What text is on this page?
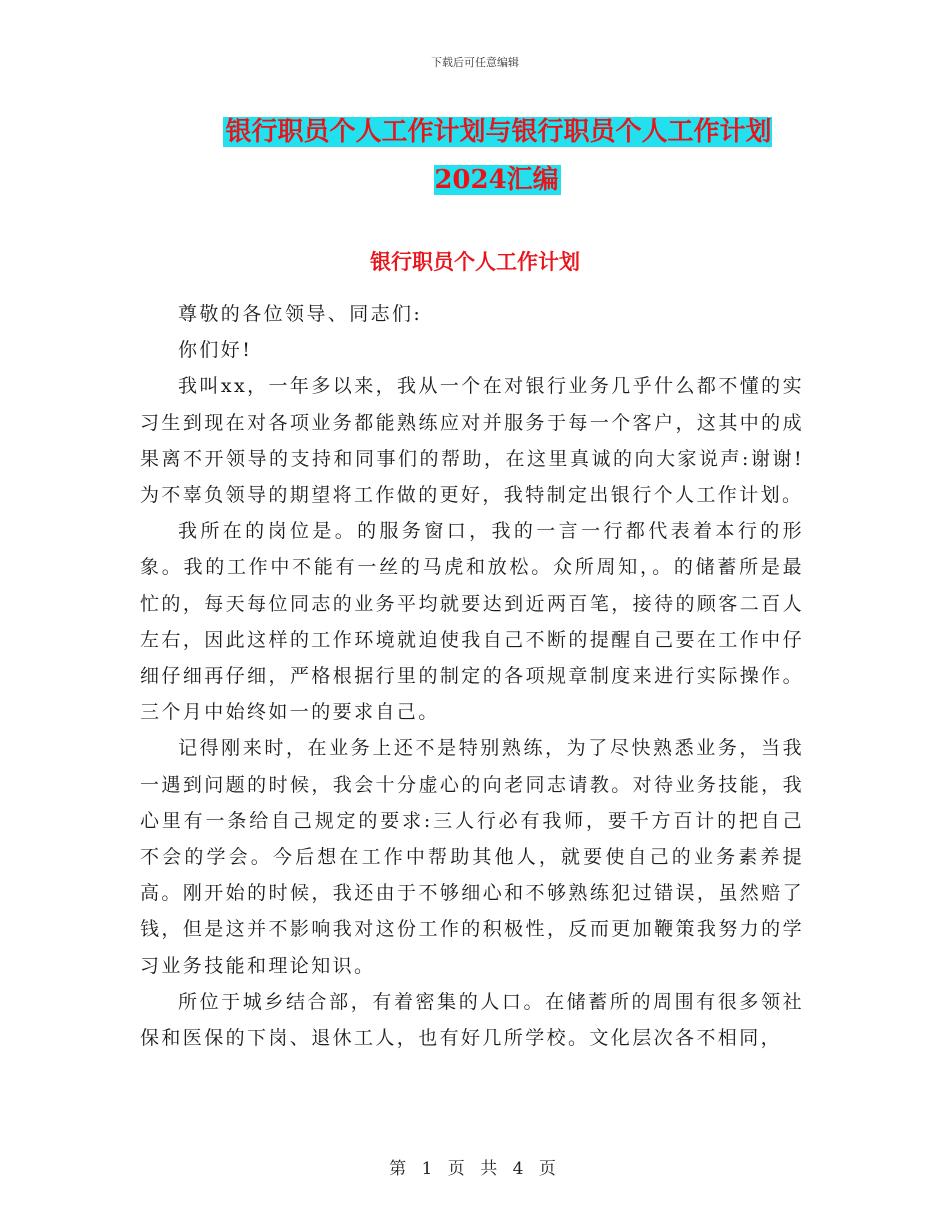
下载后可任意编辑
银行职员个人工作计划与银行职员个人工作计划2024汇编
银行职员个人工作计划

尊敬的各位领导、同志们:

你们好!

我叫xx，一年多以来，我从一个在对银行业务几乎什么都不懂的实习生到现在对各项业务都能熟练应对并服务于每一个客户，这其中的成果离不开领导的支持和同事们的帮助，在这里真诚的向大家说声:谢谢!为不辜负领导的期望将工作做的更好，我特制定出银行个人工作计划。

我所在的岗位是。的服务窗口，我的一言一行都代表着本行的形象。我的工作中不能有一丝的马虎和放松。众所周知，。的储蓄所是最忙的，每天每位同志的业务平均就要达到近两百笔，接待的顾客二百人左右，因此这样的工作环境就迫使我自己不断的提醒自己要在工作中仔细仔细再仔细，严格根据行里的制定的各项规章制度来进行实际操作。三个月中始终如一的要求自己。

记得刚来时，在业务上还不是特别熟练，为了尽快熟悉业务，当我一遇到问题的时候，我会十分虚心的向老同志请教。对待业务技能，我心里有一条给自己规定的要求:三人行必有我师，要千方百计的把自己不会的学会。今后想在工作中帮助其他人，就要使自己的业务素养提高。刚开始的时候，我还由于不够细心和不够熟练犯过错误，虽然赔了钱，但是这并不影响我对这份工作的积极性，反而更加鞭策我努力的学习业务技能和理论知识。

所位于城乡结合部，有着密集的人口。在储蓄所的周围有很多领社保和医保的下岗、退休工人，也有好几所学校。文化层次各不相同，

第 1 页 共 4 页
